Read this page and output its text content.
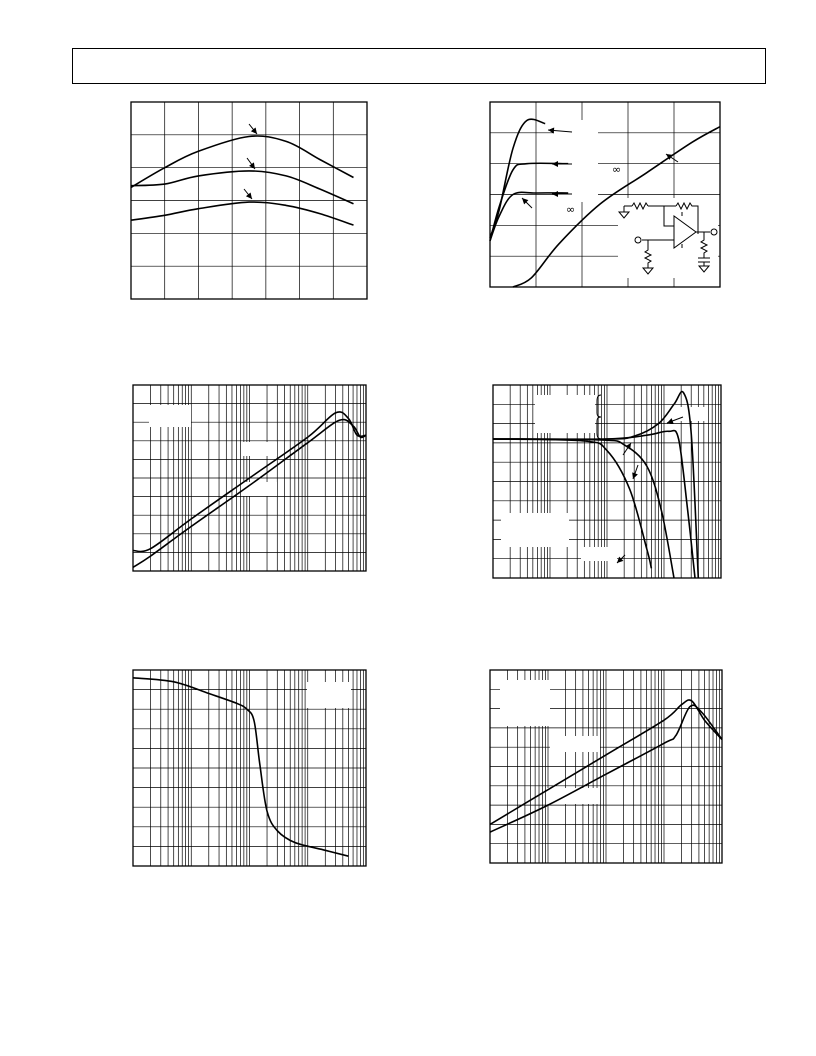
∞
∞
